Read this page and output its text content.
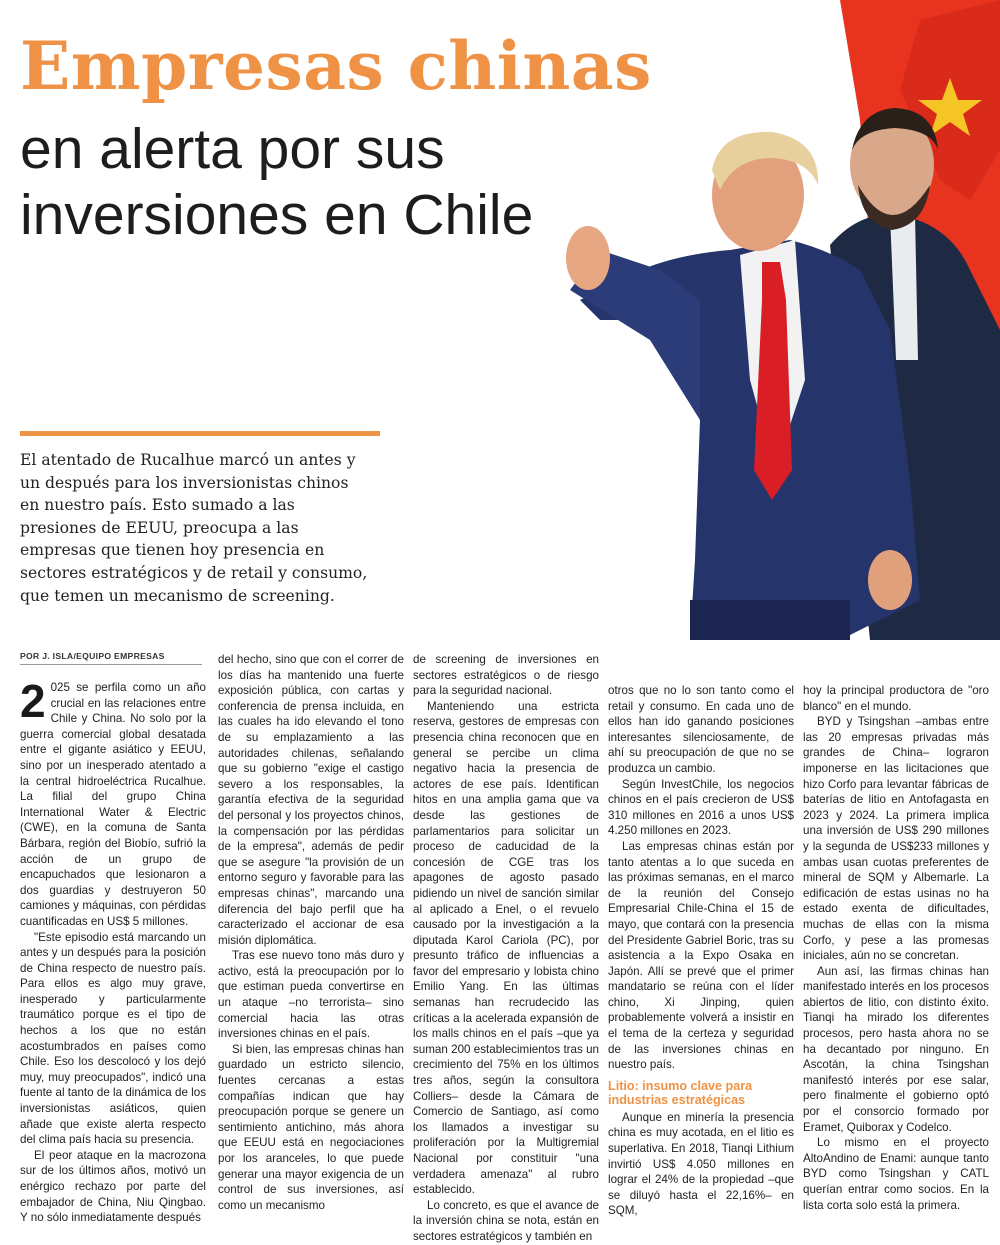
Empresas chinas
en alerta por sus inversiones en Chile
El atentado de Rucalhue marcó un antes y un después para los inversionistas chinos en nuestro país. Esto sumado a las presiones de EEUU, preocupa a las empresas que tienen hoy presencia en sectores estratégicos y de retail y consumo, que temen un mecanismo de screening.
POR J. ISLA/EQUIPO EMPRESAS

2 025 se perfila como un año crucial en las relaciones entre Chile y China. No solo por la guerra comercial global desatada entre el gigante asiático y EEUU, sino por un inesperado atentado a la central hidroeléctrica Rucalhue. La filial del grupo China International Water & Electric (CWE), en la comuna de Santa Bárbara, región del Biobío, sufrió la acción de un grupo de encapuchados que lesionaron a dos guardias y destruyeron 50 camiones y máquinas, con pérdidas cuantificadas en US$ 5 millones.

"Este episodio está marcando un antes y un después para la posición de China respecto de nuestro país. Para ellos es algo muy grave, inesperado y particularmente traumático porque es el tipo de hechos a los que no están acostumbrados en países como Chile. Eso los descolocó y los dejó muy, muy preocupados", indicó una fuente al tanto de la dinámica de los inversionistas asiáticos, quien añade que existe alerta respecto del clima país hacia su presencia.

El peor ataque en la macrozona sur de los últimos años, motivó un enérgico rechazo por parte del embajador de China, Niu Qingbao. Y no sólo inmediatamente después

del hecho, sino que con el correr de los días ha mantenido una fuerte exposición pública, con cartas y conferencia de prensa incluida, en las cuales ha ido elevando el tono de su emplazamiento a las autoridades chilenas, señalando que su gobierno "exige el castigo severo a los responsables, la garantía efectiva de la seguridad del personal y los proyectos chinos, la compensación por las pérdidas de la empresa", además de pedir que se asegure "la provisión de un entorno seguro y favorable para las empresas chinas", marcando una diferencia del bajo perfil que ha caracterizado el accionar de esa misión diplomática.

Tras ese nuevo tono más duro y activo, está la preocupación por lo que estiman pueda convertirse en un ataque –no terrorista– sino comercial hacia las otras inversiones chinas en el país.

Si bien, las empresas chinas han guardado un estricto silencio, fuentes cercanas a estas compañías indican que hay preocupación porque se genere un sentimiento antichino, más ahora que EEUU está en negociaciones por los aranceles, lo que puede generar una mayor exigencia de un control de sus inversiones, así como un mecanismo

de screening de inversiones en sectores estratégicos o de riesgo para la seguridad nacional.

Manteniendo una estricta reserva, gestores de empresas con presencia china reconocen que en general se percibe un clima negativo hacia la presencia de actores de ese país. Identifican hitos en una amplia gama que va desde las gestiones de parlamentarios para solicitar un proceso de caducidad de la concesión de CGE tras los apagones de agosto pasado pidiendo un nivel de sanción similar al aplicado a Enel, o el revuelo causado por la investigación a la diputada Karol Cariola (PC), por presunto tráfico de influencias a favor del empresario y lobista chino Emilio Yang. En las últimas semanas han recrudecido las críticas a la acelerada expansión de los malls chinos en el país –que ya suman 200 establecimientos tras un crecimiento del 75% en los últimos tres años, según la consultora Colliers– desde la Cámara de Comercio de Santiago, así como los llamados a investigar su proliferación por la Multigremial Nacional por constituir "una verdadera amenaza" al rubro establecido.

Lo concreto, es que el avance de la inversión china se nota, están en sectores estratégicos y también en

otros que no lo son tanto como el retail y consumo. En cada uno de ellos han ido ganando posiciones interesantes silenciosamente, de ahí su preocupación de que no se produzca un cambio.

Según InvestChile, los negocios chinos en el país crecieron de US$ 310 millones en 2016 a unos US$ 4.250 millones en 2023.

Las empresas chinas están por tanto atentas a lo que suceda en las próximas semanas, en el marco de la reunión del Consejo Empresarial Chile-China el 15 de mayo, que contará con la presencia del Presidente Gabriel Boric, tras su asistencia a la Expo Osaka en Japón. Allí se prevé que el primer mandatario se reúna con el líder chino, Xi Jinping, quien probablemente volverá a insistir en el tema de la certeza y seguridad de las inversiones chinas en nuestro país.

Litio: insumo clave para industrias estratégicas

Aunque en minería la presencia china es muy acotada, en el litio es superlativa. En 2018, Tianqi Lithium invirtió US$ 4.050 millones en lograr el 24% de la propiedad –que se diluyó hasta el 22,16%– en SQM,

hoy la principal productora de "oro blanco" en el mundo.

BYD y Tsingshan –ambas entre las 20 empresas privadas más grandes de China– lograron imponerse en las licitaciones que hizo Corfo para levantar fábricas de baterías de litio en Antofagasta en 2023 y 2024. La primera implica una inversión de US$ 290 millones y la segunda de US$233 millones y ambas usan cuotas preferentes de mineral de SQM y Albemarle. La edificación de estas usinas no ha estado exenta de dificultades, muchas de ellas con la misma Corfo, y pese a las promesas iniciales, aún no se concretan.

Aun así, las firmas chinas han manifestado interés en los procesos abiertos de litio, con distinto éxito. Tianqi ha mirado los diferentes procesos, pero hasta ahora no se ha decantado por ninguno. En Ascotán, la china Tsingshan manifestó interés por ese salar, pero finalmente el gobierno optó por el consorcio formado por Eramet, Quiborax y Codelco.

Lo mismo en el proyecto AltoAndino de Enami: aunque tanto BYD como Tsingshan y CATL querían entrar como socios. En la lista corta solo está la primera.
